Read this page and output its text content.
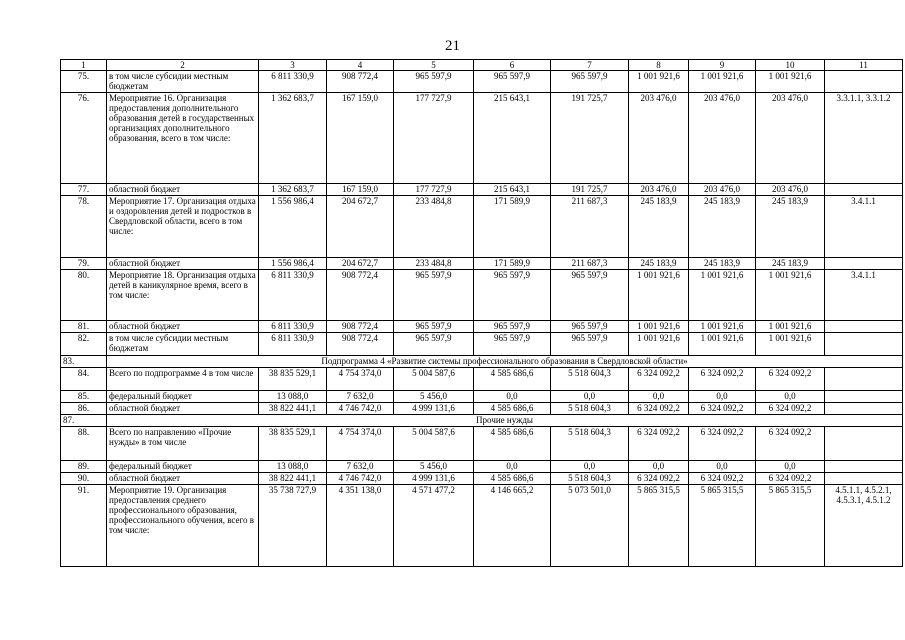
21
1	2	3	4	5	6	7	8	9	10	11
75.	в том числе субсидии местным бюджетам	6 811 330,9	908 772,4	965 597,9	965 597,9	965 597,9	1 001 921,6	1 001 921,6	1 001 921,6	
76.	Мероприятие 16. Организация предоставления дополнительного образования детей в государственных организациях дополнительного образования, всего в том числе:	1 362 683,7	167 159,0	177 727,9	215 643,1	191 725,7	203 476,0	203 476,0	203 476,0	3.3.1.1, 3.3.1.2
77.	областной бюджет	1 362 683,7	167 159,0	177 727,9	215 643,1	191 725,7	203 476,0	203 476,0	203 476,0	
78.	Мероприятие 17. Организация отдыха и оздоровления детей и подростков в Свердловской области, всего в том числе:	1 556 986,4	204 672,7	233 484,8	171 589,9	211 687,3	245 183,9	245 183,9	245 183,9	3.4.1.1
79.	областной бюджет	1 556 986,4	204 672,7	233 484,8	171 589,9	211 687,3	245 183,9	245 183,9	245 183,9	
80.	Мероприятие 18. Организация отдыха детей в каникулярное время, всего в том числе:	6 811 330,9	908 772,4	965 597,9	965 597,9	965 597,9	1 001 921,6	1 001 921,6	1 001 921,6	3.4.1.1
81.	областной бюджет	6 811 330,9	908 772,4	965 597,9	965 597,9	965 597,9	1 001 921,6	1 001 921,6	1 001 921,6	
82.	в том числе субсидии местным бюджетам	6 811 330,9	908 772,4	965 597,9	965 597,9	965 597,9	1 001 921,6	1 001 921,6	1 001 921,6	
83.	Подпрограмма 4 «Развитие системы профессионального образования в Свердловской области»									
84.	Всего по подпрограмме 4 в том числе	38 835 529,1	4 754 374,0	5 004 587,6	4 585 686,6	5 518 604,3	6 324 092,2	6 324 092,2	6 324 092,2	
85.	федеральный бюджет	13 088,0	7 632,0	5 456,0	0,0	0,0	0,0	0,0	0,0	
86.	областной бюджет	38 822 441,1	4 746 742,0	4 999 131,6	4 585 686,6	5 518 604,3	6 324 092,2	6 324 092,2	6 324 092,2	
87.	Прочие нужды									
88.	Всего по направлению «Прочие нужды» в том числе	38 835 529,1	4 754 374,0	5 004 587,6	4 585 686,6	5 518 604,3	6 324 092,2	6 324 092,2	6 324 092,2	
89.	федеральный бюджет	13 088,0	7 632,0	5 456,0	0,0	0,0	0,0	0,0	0,0	
90.	областной бюджет	38 822 441,1	4 746 742,0	4 999 131,6	4 585 686,6	5 518 604,3	6 324 092,2	6 324 092,2	6 324 092,2	
91.	Мероприятие 19. Организация предоставления среднего профессионального образования, профессионального обучения, всего в том числе:	35 738 727,9	4 351 138,0	4 571 477,2	4 146 665,2	5 073 501,0	5 865 315,5	5 865 315,5	5 865 315,5	4.5.1.1, 4.5.2.1, 4.5.3.1, 4.5.1.2
